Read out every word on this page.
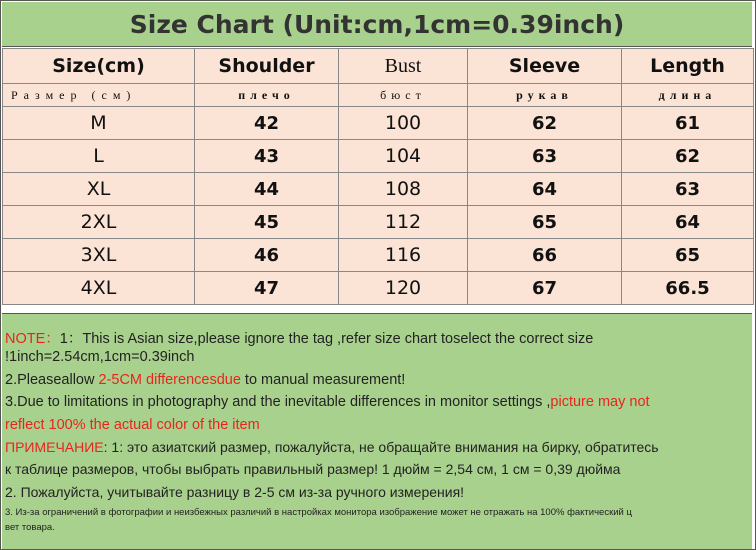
Size Chart (Unit:cm,1cm=0.39inch)
Size(cm)	Shoulder	Bust	Sleeve	Length
Размер (см)	плечо	бюст	рукав	длина
M	42	100	62	61
L	43	104	63	62
XL	44	108	64	63
2XL	45	112	65	64
3XL	46	116	66	65
4XL	47	120	67	66.5
NOTE：1：This is Asian size,please ignore the tag ,refer size chart toselect the correct size
!1inch=2.54cm,1cm=0.39inch
2.Pleaseallow 2-5CM differencesdue to manual measurement!
3.Due to limitations in photography and the inevitable differences in monitor settings ,picture may not
reflect 100% the actual color of the item
ПРИМЕЧАНИЕ: 1: это азиатский размер, пожалуйста, не обращайте внимания на бирку, обратитесь
к таблице размеров, чтобы выбрать правильный размер! 1 дюйм = 2,54 см, 1 см = 0,39 дюйма
2. Пожалуйста, учитывайте разницу в 2-5 см из-за ручного измерения!
3. Из-за ограничений в фотографии и неизбежных различий в настройках монитора изображение может не отражать на 100% фактический ц
вет товара.
